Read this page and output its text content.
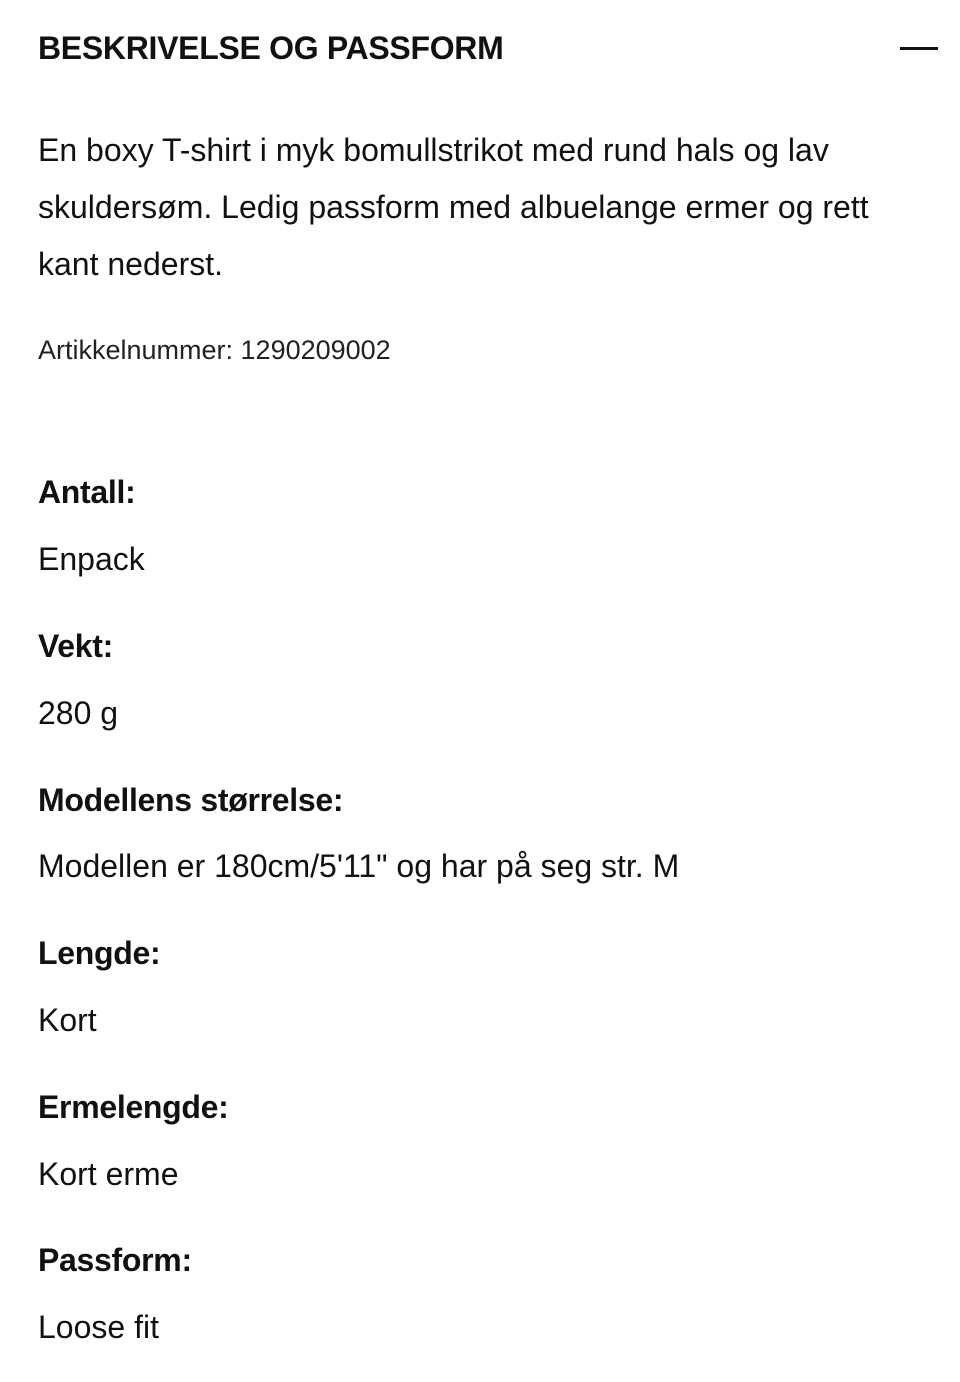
BESKRIVELSE OG PASSFORM

En boxy T-shirt i myk bomullstrikot med rund hals og lav skuldersøm. Ledig passform med albuelange ermer og rett kant nederst.

Artikkelnummer: 1290209002
Antall:
Enpack
Vekt:
280 g
Modellens størrelse:
Modellen er 180cm/5'11" og har på seg str. M
Lengde:
Kort
Ermelengde:
Kort erme
Passform:
Loose fit
